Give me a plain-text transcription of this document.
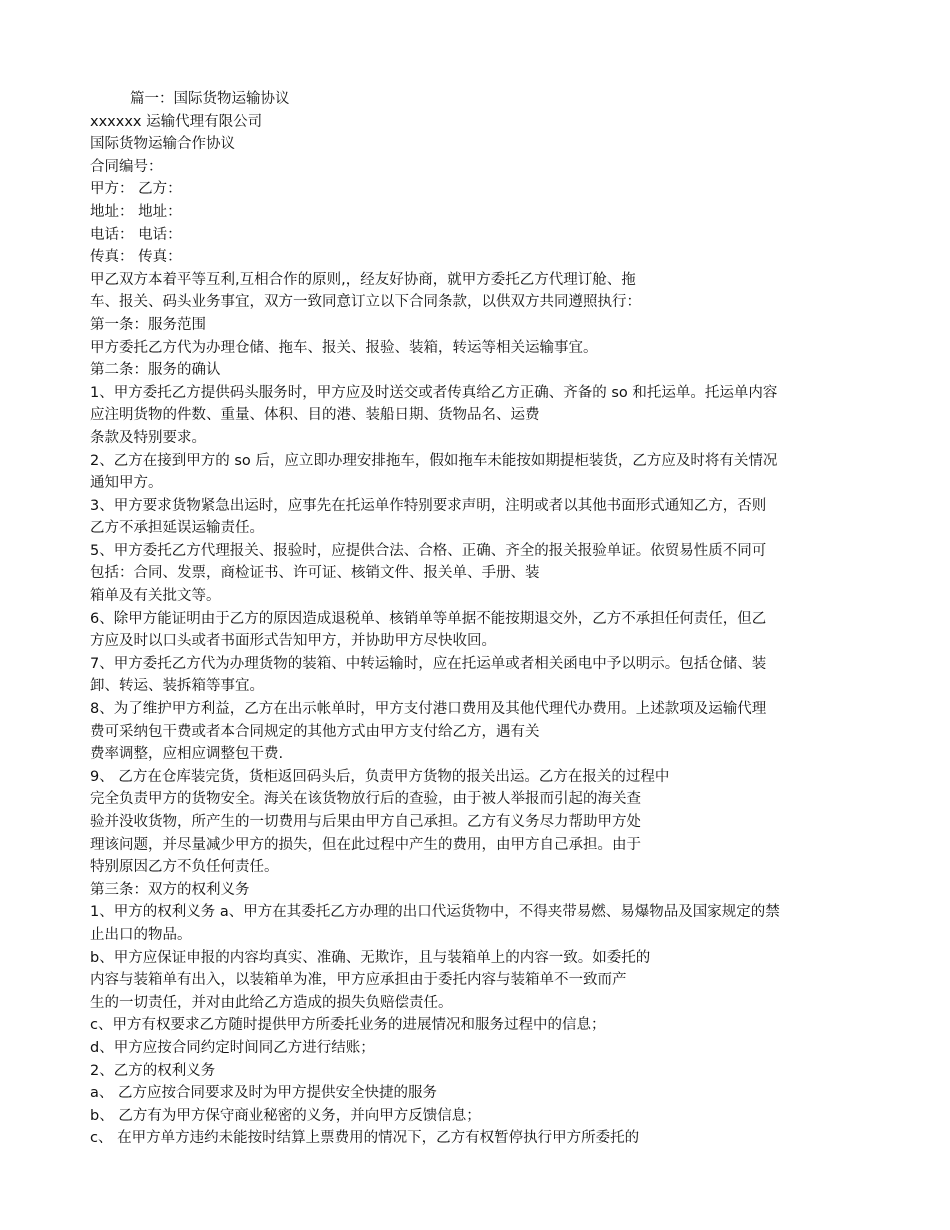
篇一：国际货物运输协议
xxxxxx 运输代理有限公司
国际货物运输合作协议
合同编号：
甲方： 乙方：
地址： 地址：
电话： 电话：
传真： 传真：
甲乙双方本着平等互利,互相合作的原则,，经友好协商，就甲方委托乙方代理订舱、拖
车、报关、码头业务事宜，双方一致同意订立以下合同条款，以供双方共同遵照执行：
第一条：服务范围
甲方委托乙方代为办理仓储、拖车、报关、报验、装箱，转运等相关运输事宜。
第二条：服务的确认
1、甲方委托乙方提供码头服务时，甲方应及时送交或者传真给乙方正确、齐备的 so 和托运单。托运单内容
应注明货物的件数、重量、体积、目的港、装船日期、货物品名、运费
条款及特别要求。
2、乙方在接到甲方的 so 后，应立即办理安排拖车，假如拖车未能按如期提柜装货，乙方应及时将有关情况
通知甲方。
3、甲方要求货物紧急出运时，应事先在托运单作特别要求声明，注明或者以其他书面形式通知乙方，否则
乙方不承担延误运输责任。
5、甲方委托乙方代理报关、报验时，应提供合法、合格、正确、齐全的报关报验单证。依贸易性质不同可
包括：合同、发票，商检证书、许可证、核销文件、报关单、手册、装
箱单及有关批文等。
6、除甲方能证明由于乙方的原因造成退税单、核销单等单据不能按期退交外，乙方不承担任何责任，但乙
方应及时以口头或者书面形式告知甲方，并协助甲方尽快收回。
7、甲方委托乙方代为办理货物的装箱、中转运输时，应在托运单或者相关函电中予以明示。包括仓储、装
卸、转运、装拆箱等事宜。
8、为了维护甲方利益，乙方在出示帐单时，甲方支付港口费用及其他代理代办费用。上述款项及运输代理
费可采纳包干费或者本合同规定的其他方式由甲方支付给乙方，遇有关
费率调整，应相应调整包干费.
9、 乙方在仓库装完货，货柜返回码头后，负责甲方货物的报关出运。乙方在报关的过程中
完全负责甲方的货物安全。海关在该货物放行后的查验，由于被人举报而引起的海关查
验并没收货物，所产生的一切费用与后果由甲方自己承担。乙方有义务尽力帮助甲方处
理该问题，并尽量减少甲方的损失，但在此过程中产生的费用，由甲方自己承担。由于
特别原因乙方不负任何责任。
第三条：双方的权利义务
1、甲方的权利义务 a、甲方在其委托乙方办理的出口代运货物中，不得夹带易燃、易爆物品及国家规定的禁
止出口的物品。
b、甲方应保证申报的内容均真实、准确、无欺诈，且与装箱单上的内容一致。如委托的
内容与装箱单有出入，以装箱单为准，甲方应承担由于委托内容与装箱单不一致而产
生的一切责任，并对由此给乙方造成的损失负赔偿责任。
c、甲方有权要求乙方随时提供甲方所委托业务的进展情况和服务过程中的信息；
d、甲方应按合同约定时间同乙方进行结账；
2、乙方的权利义务
a、 乙方应按合同要求及时为甲方提供安全快捷的服务
b、 乙方有为甲方保守商业秘密的义务，并向甲方反馈信息；
c、 在甲方单方违约未能按时结算上票费用的情况下，乙方有权暂停执行甲方所委托的
